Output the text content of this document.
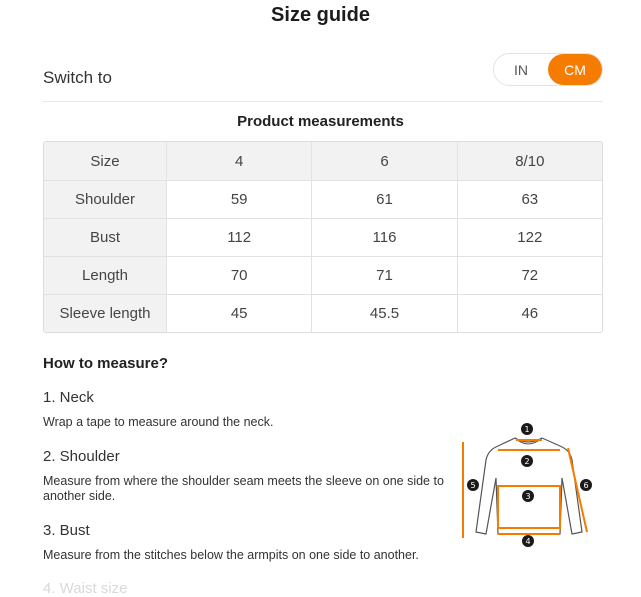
Size guide
Switch to	IN	CM
Product measurements
Size	4	6	8/10
Shoulder	59	61	63
Bust	112	116	122
Length	70	71	72
Sleeve length	45	45.5	46
How to measure?
1. Neck
Wrap a tape to measure around the neck.
2. Shoulder
Measure from where the shoulder seam meets the sleeve on one side to another side.
3. Bust
Measure from the stitches below the armpits on one side to another.
4. Waist size
1
2
3
4
5	6
